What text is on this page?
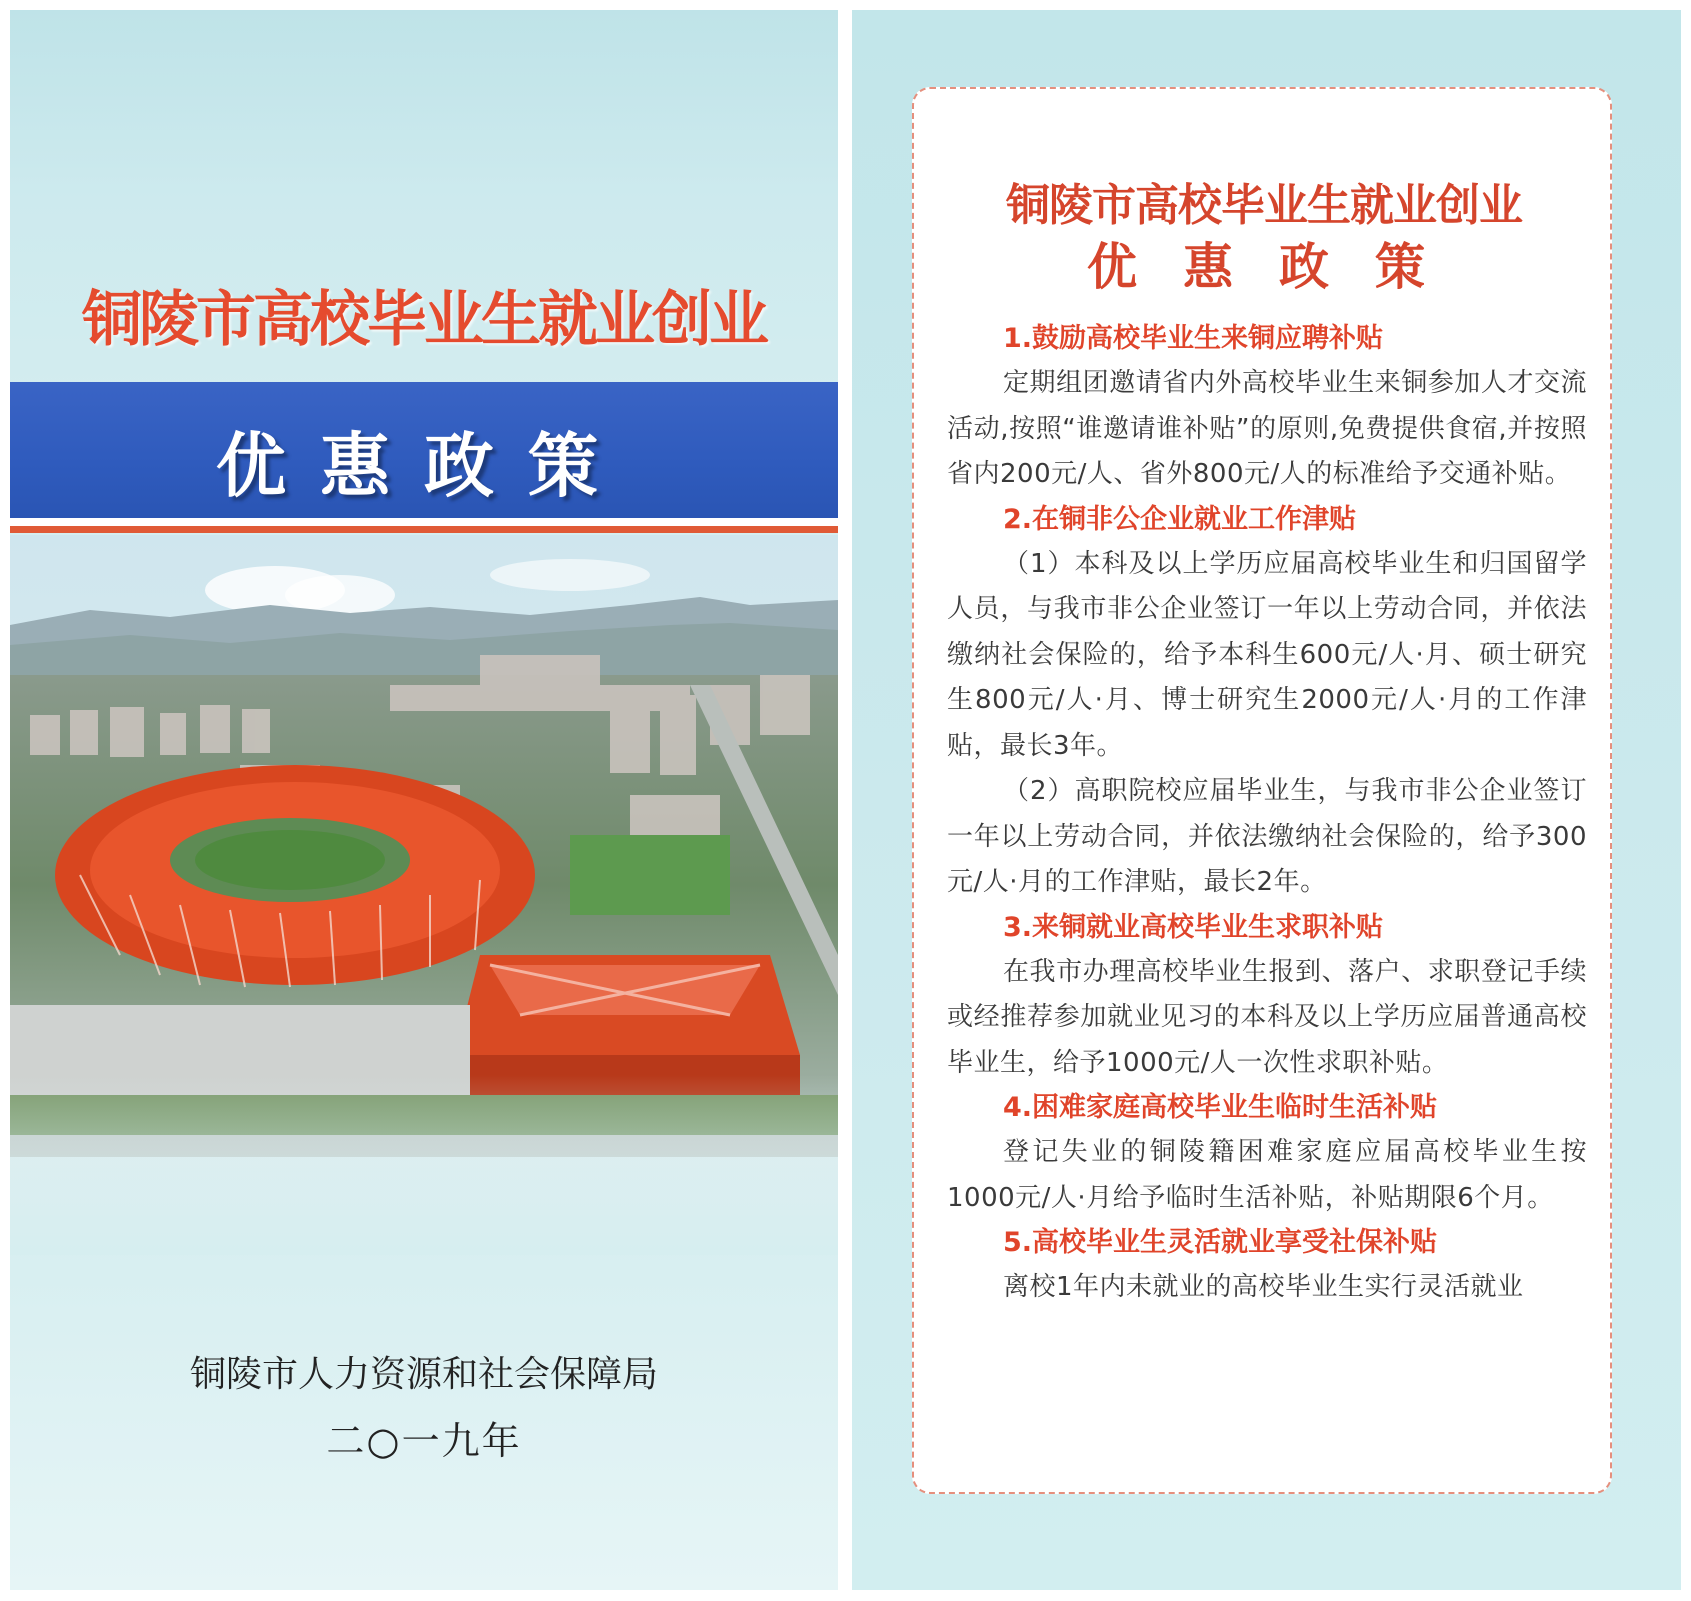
铜陵市高校毕业生就业创业
优惠政策
铜陵市人力资源和社会保障局
二○一九年
铜陵市高校毕业生就业创业
优惠政策
1.鼓励高校毕业生来铜应聘补贴
定期组团邀请省内外高校毕业生来铜参加人才交流活动,按照“谁邀请谁补贴”的原则,免费提供食宿,并按照省内200元/人、省外800元/人的标准给予交通补贴。
2.在铜非公企业就业工作津贴
（1）本科及以上学历应届高校毕业生和归国留学人员，与我市非公企业签订一年以上劳动合同，并依法缴纳社会保险的，给予本科生600元/人·月、硕士研究生800元/人·月、博士研究生2000元/人·月的工作津贴，最长3年。
（2）高职院校应届毕业生，与我市非公企业签订一年以上劳动合同，并依法缴纳社会保险的，给予300元/人·月的工作津贴，最长2年。
3.来铜就业高校毕业生求职补贴
在我市办理高校毕业生报到、落户、求职登记手续或经推荐参加就业见习的本科及以上学历应届普通高校毕业生，给予1000元/人一次性求职补贴。
4.困难家庭高校毕业生临时生活补贴
登记失业的铜陵籍困难家庭应届高校毕业生按1000元/人·月给予临时生活补贴，补贴期限6个月。
5.高校毕业生灵活就业享受社保补贴
离校1年内未就业的高校毕业生实行灵活就业
